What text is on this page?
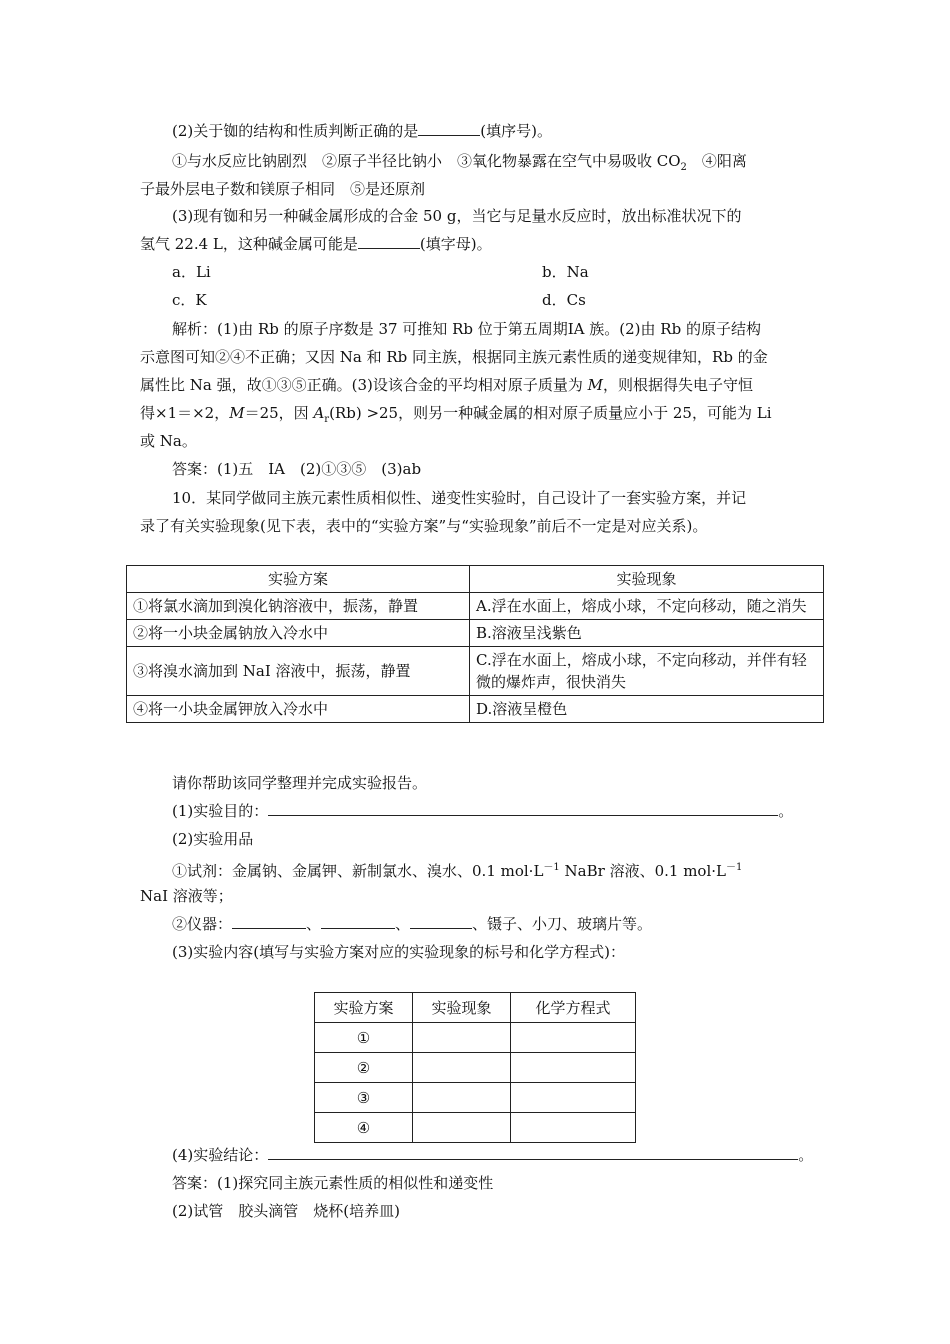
(2)关于铷的结构和性质判断正确的是	(填序号)。
①与水反应比钠剧烈　②原子半径比钠小　③氧化物暴露在空气中易吸收 $CO_2$　④阳离
子最外层电子数和镁原子相同　⑤是还原剂
(3)现有铷和另一种碱金属形成的合金 50 g，当它与足量水反应时，放出标准状况下的
氢气 22.4 L，这种碱金属可能是	(填字母)。
a．Li	b．Na
c．K	d．Cs
解析：(1)由 Rb 的原子序数是 37 可推知 Rb 位于第五周期ⅠA 族。(2)由 Rb 的原子结构
示意图可知②④不正确；又因 Na 和 Rb 同主族，根据同主族元素性质的递变规律知，Rb 的金
属性比 Na 强，故①③⑤正确。(3)设该合金的平均相对原子质量为 M，则根据得失电子守恒
得×1＝×2，M＝25，因 $A_r(Rb) >25$，则另一种碱金属的相对原子质量应小于 25，可能为 Li
或 Na。
答案：(1)五　ⅠA　(2)①③⑤　(3)ab
10．某同学做同主族元素性质相似性、递变性实验时，自己设计了一套实验方案，并记
录了有关实验现象(见下表，表中的“实验方案”与“实验现象”前后不一定是对应关系)。
实验方案	实验现象
①将氯水滴加到溴化钠溶液中，振荡，静置	A.浮在水面上，熔成小球，不定向移动，随之消失
②将一小块金属钠放入冷水中	B.溶液呈浅紫色
③将溴水滴加到 NaI 溶液中，振荡，静置	C.浮在水面上，熔成小球，不定向移动，并伴有轻微的爆炸声，很快消失
④将一小块金属钾放入冷水中	D.溶液呈橙色
请你帮助该同学整理并完成实验报告。
(1)实验目的：	。
(2)实验用品
①试剂：金属钠、金属钾、新制氯水、溴水、0.1 $mol\cdot L^{-1}$ NaBr 溶液、0.1 $mol\cdot L^{-1}$
NaI 溶液等；
②仪器：	、	、	、镊子、小刀、玻璃片等。
(3)实验内容(填写与实验方案对应的实验现象的标号和化学方程式)：
实验方案	实验现象	化学方程式
①		
②		
③		
④		
(4)实验结论：	。
答案：(1)探究同主族元素性质的相似性和递变性
(2)试管　胶头滴管　烧杯(培养皿)
